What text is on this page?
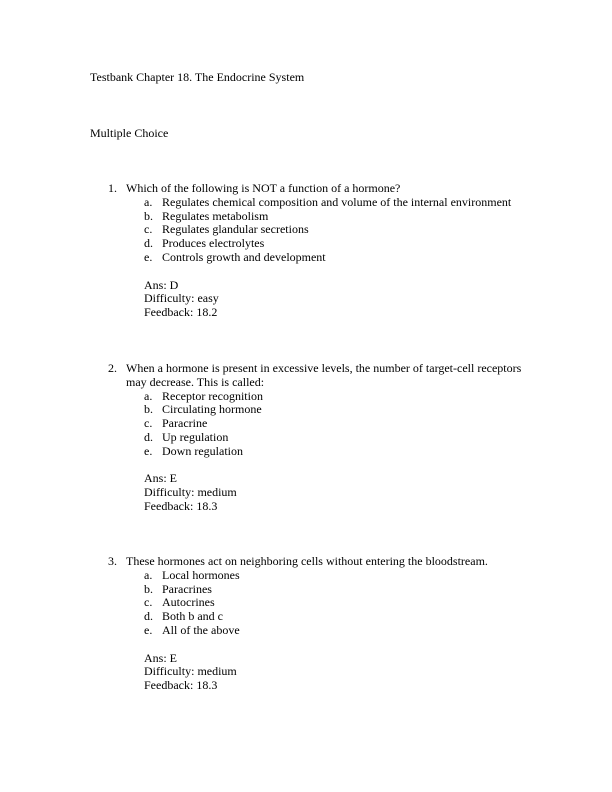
Testbank Chapter 18. The Endocrine System
Multiple Choice
1. Which of the following is NOT a function of a hormone?
a. Regulates chemical composition and volume of the internal environment
b. Regulates metabolism
c. Regulates glandular secretions
d. Produces electrolytes
e. Controls growth and development
Ans: D
Difficulty: easy
Feedback: 18.2
2. When a hormone is present in excessive levels, the number of target-cell receptors may decrease. This is called:
a. Receptor recognition
b. Circulating hormone
c. Paracrine
d. Up regulation
e. Down regulation
Ans: E
Difficulty: medium
Feedback: 18.3
3. These hormones act on neighboring cells without entering the bloodstream.
a. Local hormones
b. Paracrines
c. Autocrines
d. Both b and c
e. All of the above
Ans: E
Difficulty: medium
Feedback: 18.3
